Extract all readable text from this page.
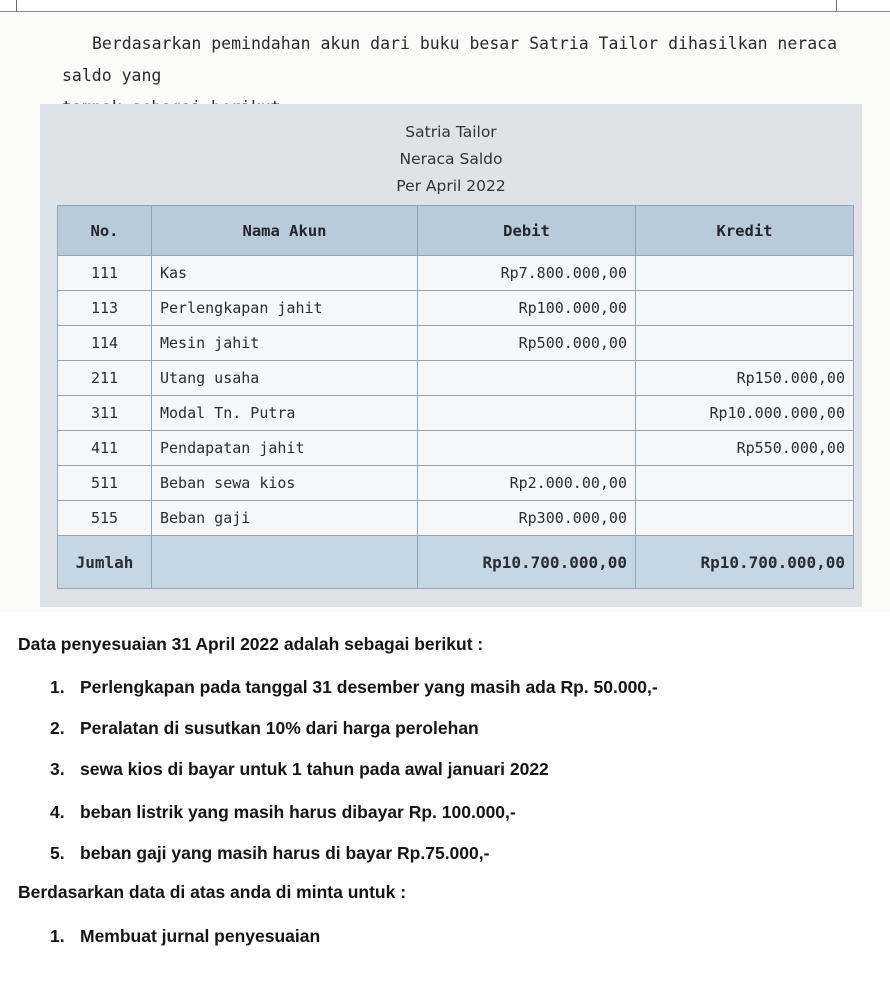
Berdasarkan pemindahan akun dari buku besar Satria Tailor dihasilkan neraca saldo yang
Satria Tailor
Neraca Saldo
Per April 2022
No.	Nama Akun	Debit	Kredit
111	Kas	Rp7.800.000,00	
113	Perlengkapan jahit	Rp100.000,00	
114	Mesin jahit	Rp500.000,00	
211	Utang usaha		Rp150.000,00
311	Modal Tn. Putra		Rp10.000.000,00
411	Pendapatan jahit		Rp550.000,00
511	Beban sewa kios	Rp2.000.00,00	
515	Beban gaji	Rp300.000,00	
Jumlah		Rp10.700.000,00	Rp10.700.000,00
Data penyesuaian 31 April 2022 adalah sebagai berikut :
1. Perlengkapan pada tanggal 31 desember yang masih ada Rp. 50.000,-
2. Peralatan di susutkan 10% dari harga perolehan
3. sewa kios di bayar untuk 1 tahun pada awal januari 2022
4. beban listrik yang masih harus dibayar Rp. 100.000,-
5. beban gaji yang masih harus di bayar Rp.75.000,-
Berdasarkan data di atas anda di minta untuk :
1. Membuat jurnal penyesuaian
